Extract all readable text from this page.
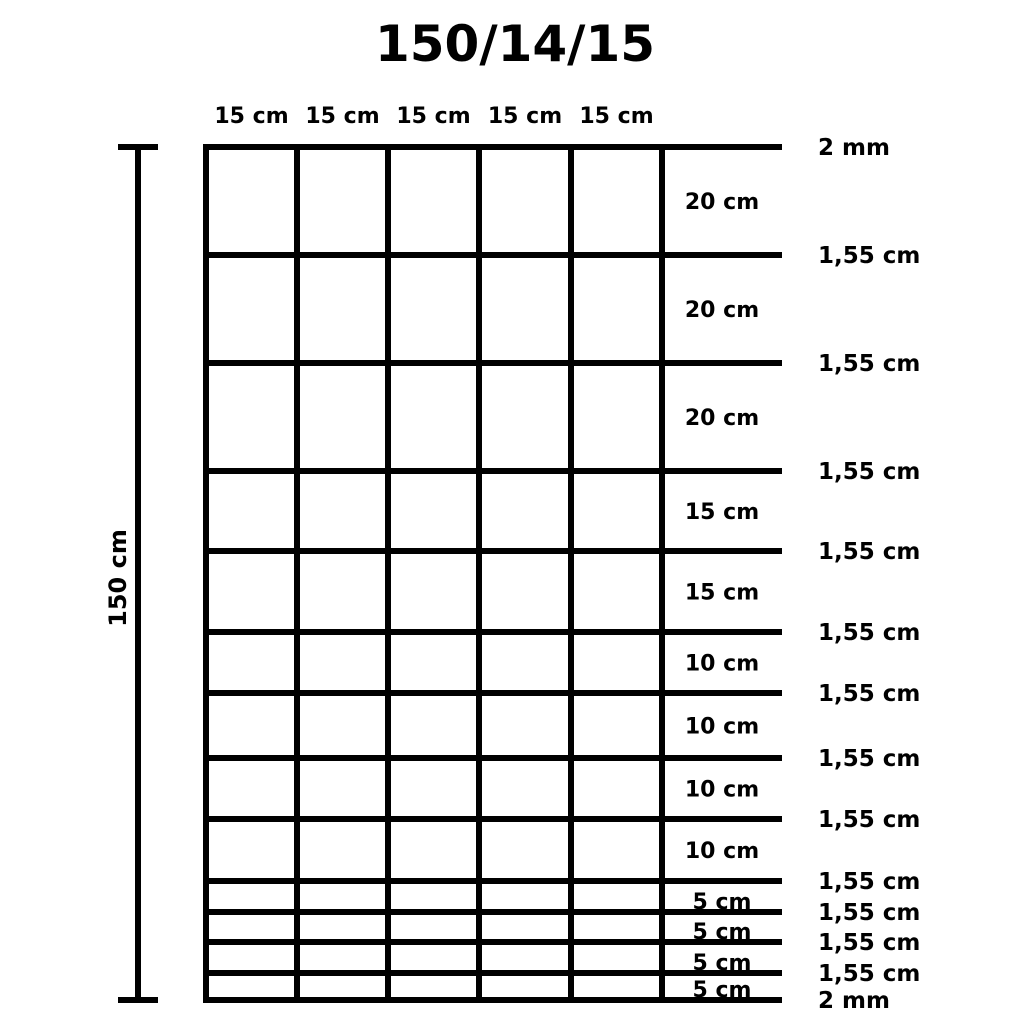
150/14/15
150 cm
15 cm 15 cm 15 cm 15 cm 15 cm
20 cm
20 cm
20 cm
15 cm
15 cm
10 cm
10 cm
10 cm
10 cm
5 cm
5 cm
5 cm
5 cm
2 mm
1,55 cm
1,55 cm
1,55 cm
1,55 cm
1,55 cm
1,55 cm
1,55 cm
1,55 cm
1,55 cm
1,55 cm
1,55 cm
1,55 cm
2 mm
